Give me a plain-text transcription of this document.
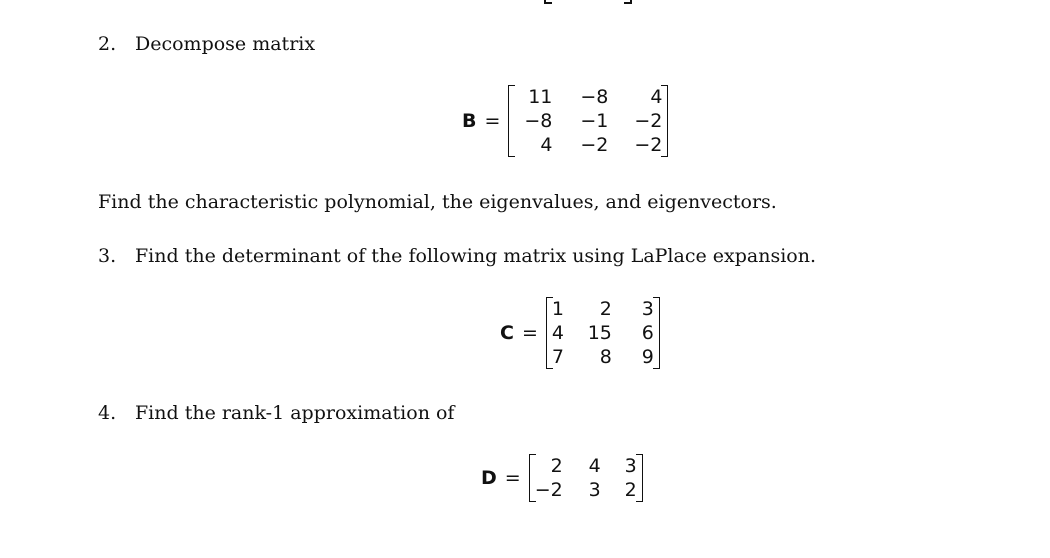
2. Decompose matrix
B =
11	−8	4
−8	−1	−2
4	−2	−2
Find the characteristic polynomial, the eigenvalues, and eigenvectors.
3. Find the determinant of the following matrix using LaPlace expansion.
C =
1	2	3
4	15	6
7	8	9
4. Find the rank-1 approximation of
D =
2	4	3
−2	3	2
